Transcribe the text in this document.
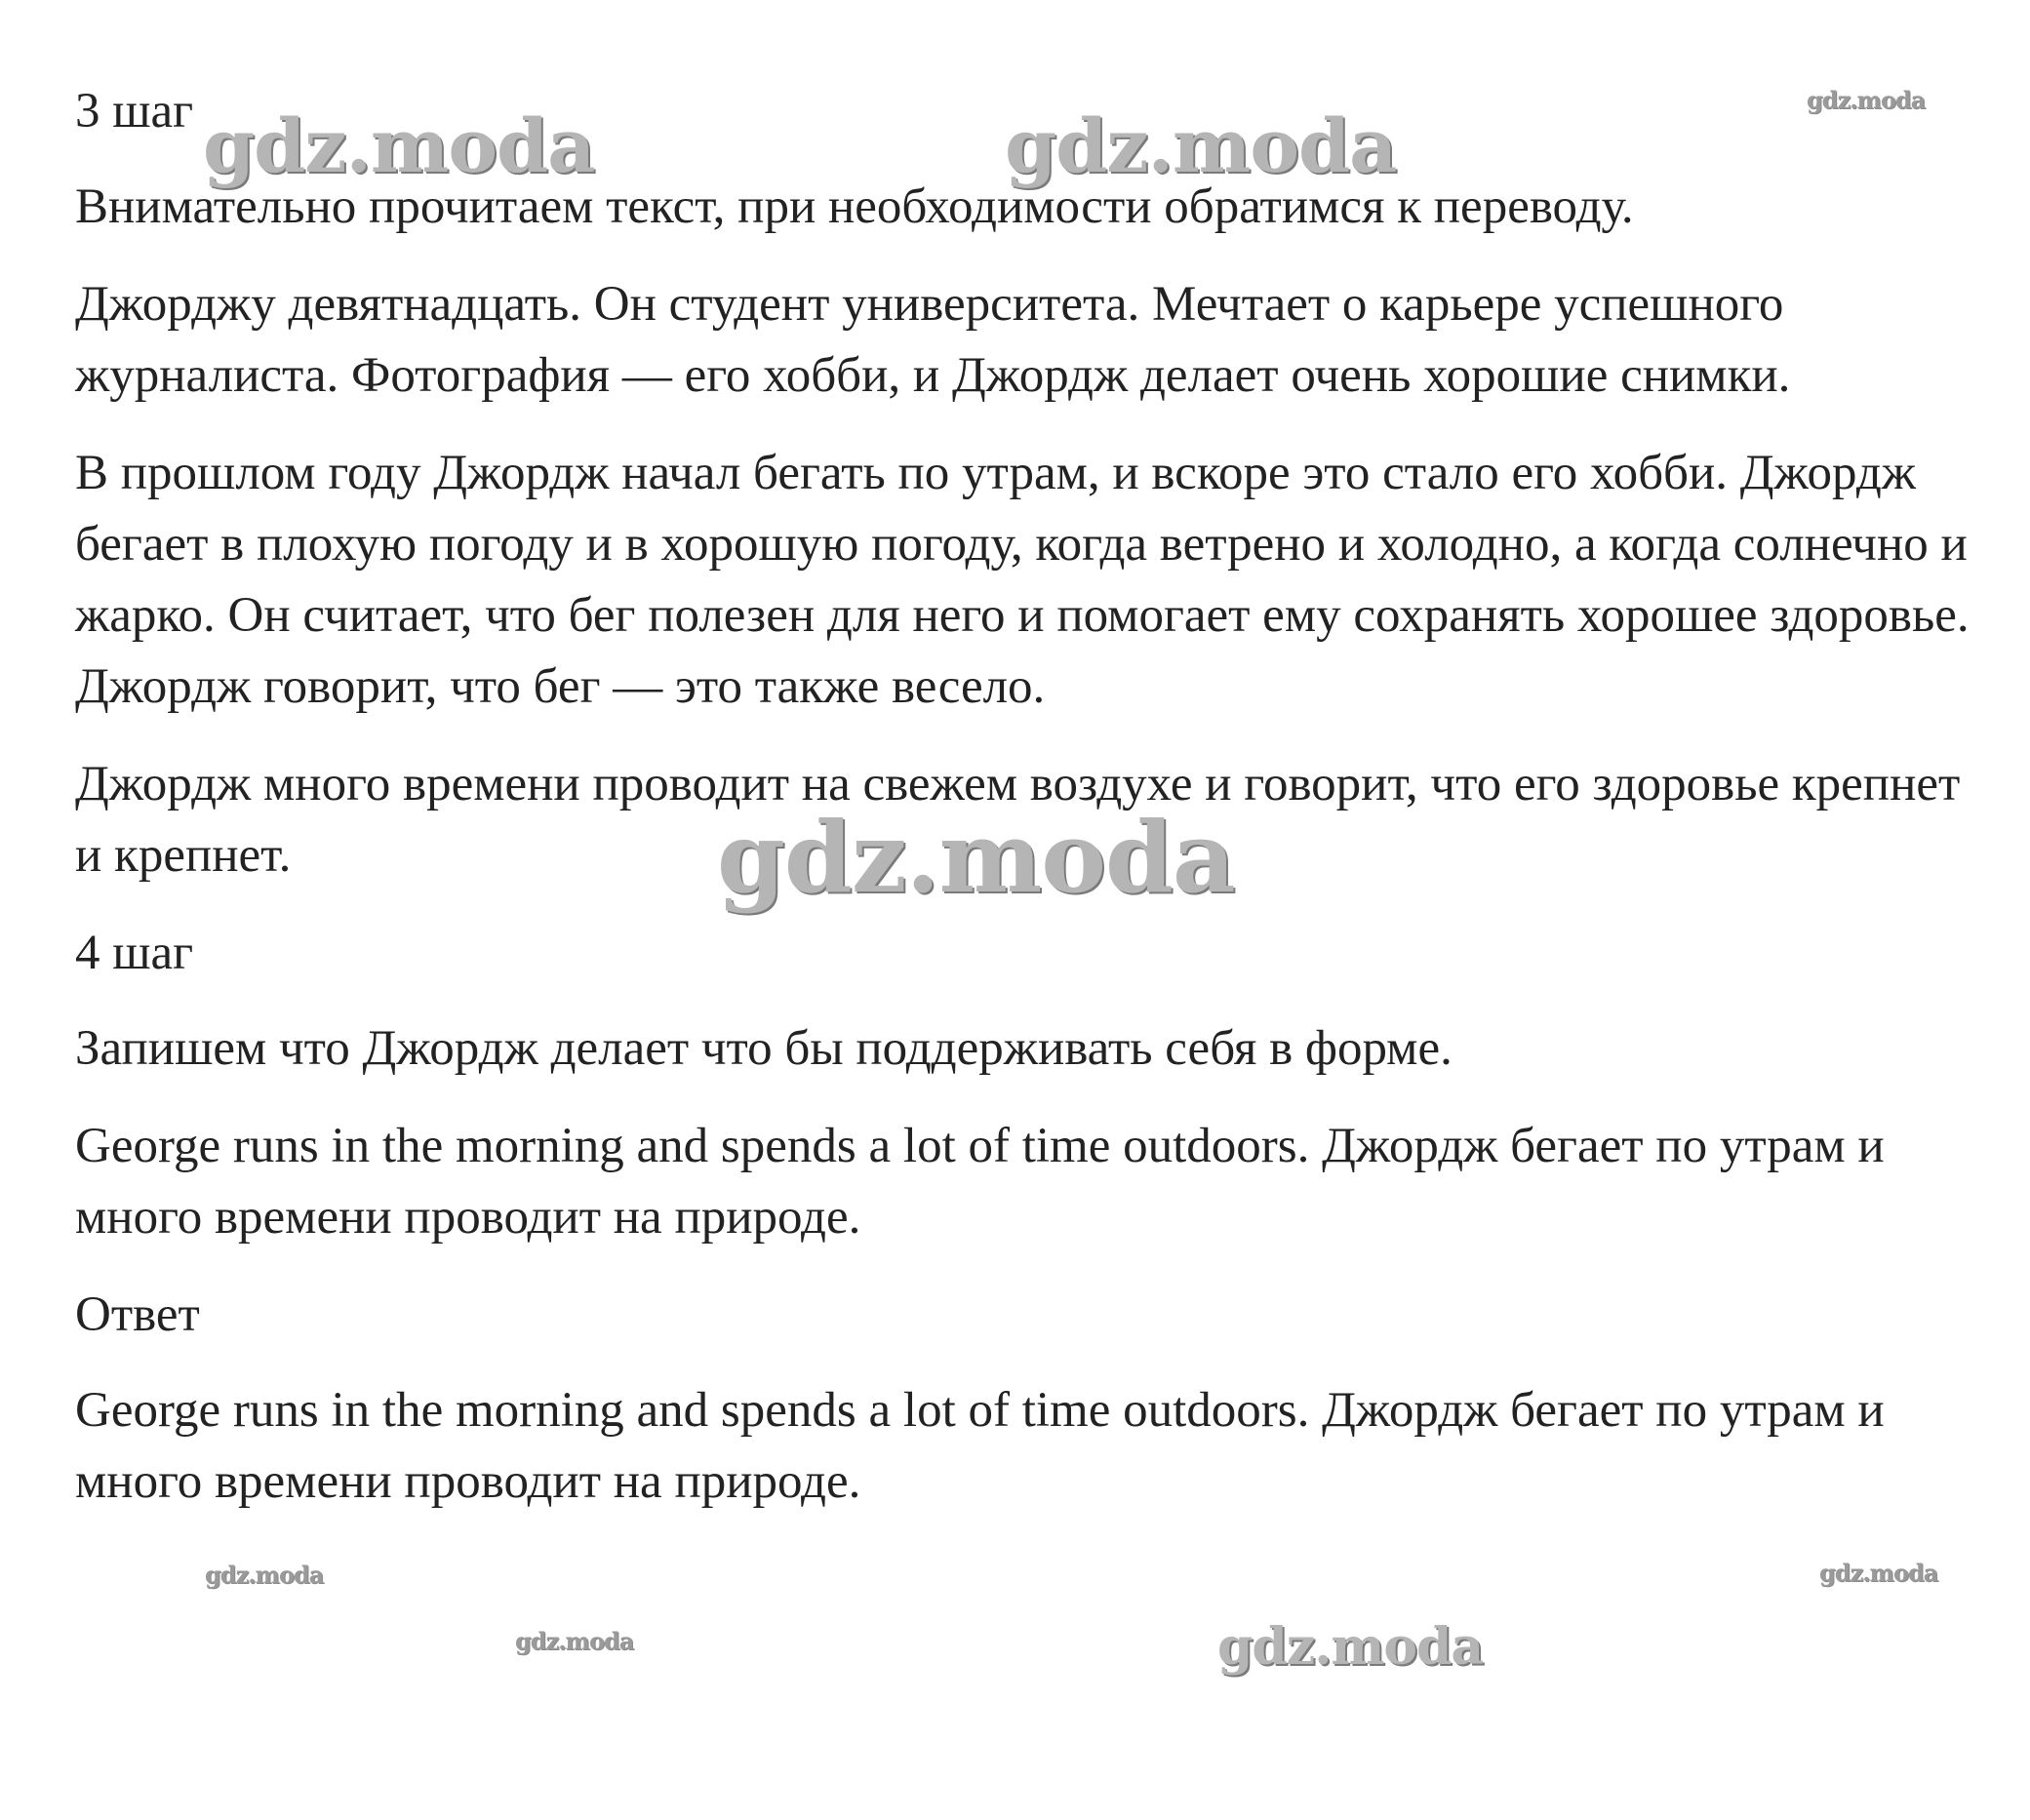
3 шаг

Внимательно прочитаем текст, при необходимости обратимся к переводу.

Джорджу девятнадцать. Он студент университета. Мечтает о карьере успешного журналиста. Фотография — его хобби, и Джордж делает очень хорошие снимки.

В прошлом году Джордж начал бегать по утрам, и вскоре это стало его хобби. Джордж бегает в плохую погоду и в хорошую погоду, когда ветрено и холодно, а когда солнечно и жарко. Он считает, что бег полезен для него и помогает ему сохранять хорошее здоровье. Джордж говорит, что бег — это также весело.

Джордж много времени проводит на свежем воздухе и говорит, что его здоровье крепнет и крепнет.

4 шаг

Запишем что Джордж делает что бы поддерживать себя в форме.

George runs in the morning and spends a lot of time outdoors. Джордж бегает по утрам и много времени проводит на природе.

Ответ

George runs in the morning and spends a lot of time outdoors. Джордж бегает по утрам и много времени проводит на природе.

gdz.moda	gdz.moda
gdz.moda
gdz.moda
gdz.moda	gdz.moda
gdz.moda	gdz.moda
